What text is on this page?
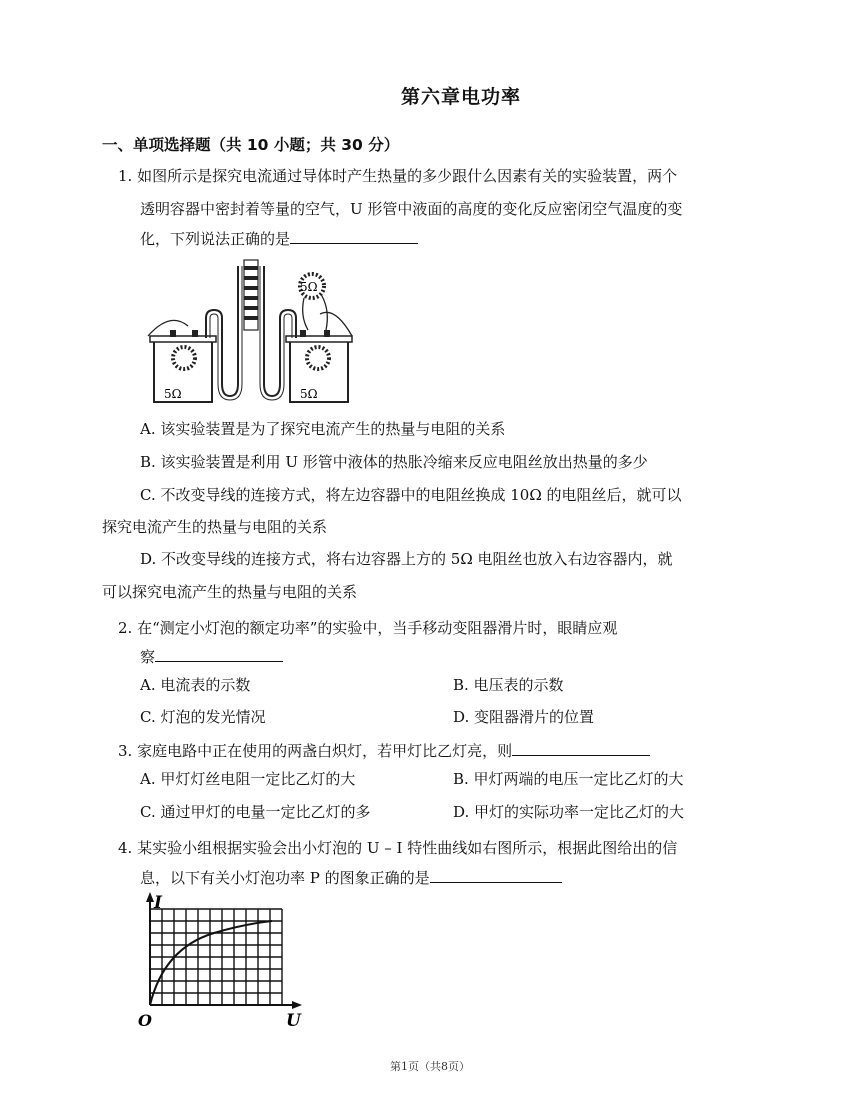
第六章电功率
一、单项选择题（共 10 小题；共 30 分）
1. 如图所示是探究电流通过导体时产生热量的多少跟什么因素有关的实验装置，两个
透明容器中密封着等量的空气，U 形管中液面的高度的变化反应密闭空气温度的变
化，下列说法正确的是
5Ω	5Ω
5Ω
A. 该实验装置是为了探究电流产生的热量与电阻的关系
B. 该实验装置是利用 U 形管中液体的热胀冷缩来反应电阻丝放出热量的多少
C. 不改变导线的连接方式，将左边容器中的电阻丝换成 10Ω 的电阻丝后，就可以
探究电流产生的热量与电阻的关系
D. 不改变导线的连接方式，将右边容器上方的 5Ω 电阻丝也放入右边容器内，就
可以探究电流产生的热量与电阻的关系
2. 在“测定小灯泡的额定功率”的实验中，当手移动变阻器滑片时，眼睛应观
察
A. 电流表的示数	B. 电压表的示数
C. 灯泡的发光情况	D. 变阻器滑片的位置
3. 家庭电路中正在使用的两盏白炽灯，若甲灯比乙灯亮，则
A. 甲灯灯丝电阻一定比乙灯的大	B. 甲灯两端的电压一定比乙灯的大
C. 通过甲灯的电量一定比乙灯的多	D. 甲灯的实际功率一定比乙灯的大
4. 某实验小组根据实验会出小灯泡的 U – I 特性曲线如右图所示，根据此图给出的信
息，以下有关小灯泡功率 P 的图象正确的是
I
U
O
第1页（共8页）
